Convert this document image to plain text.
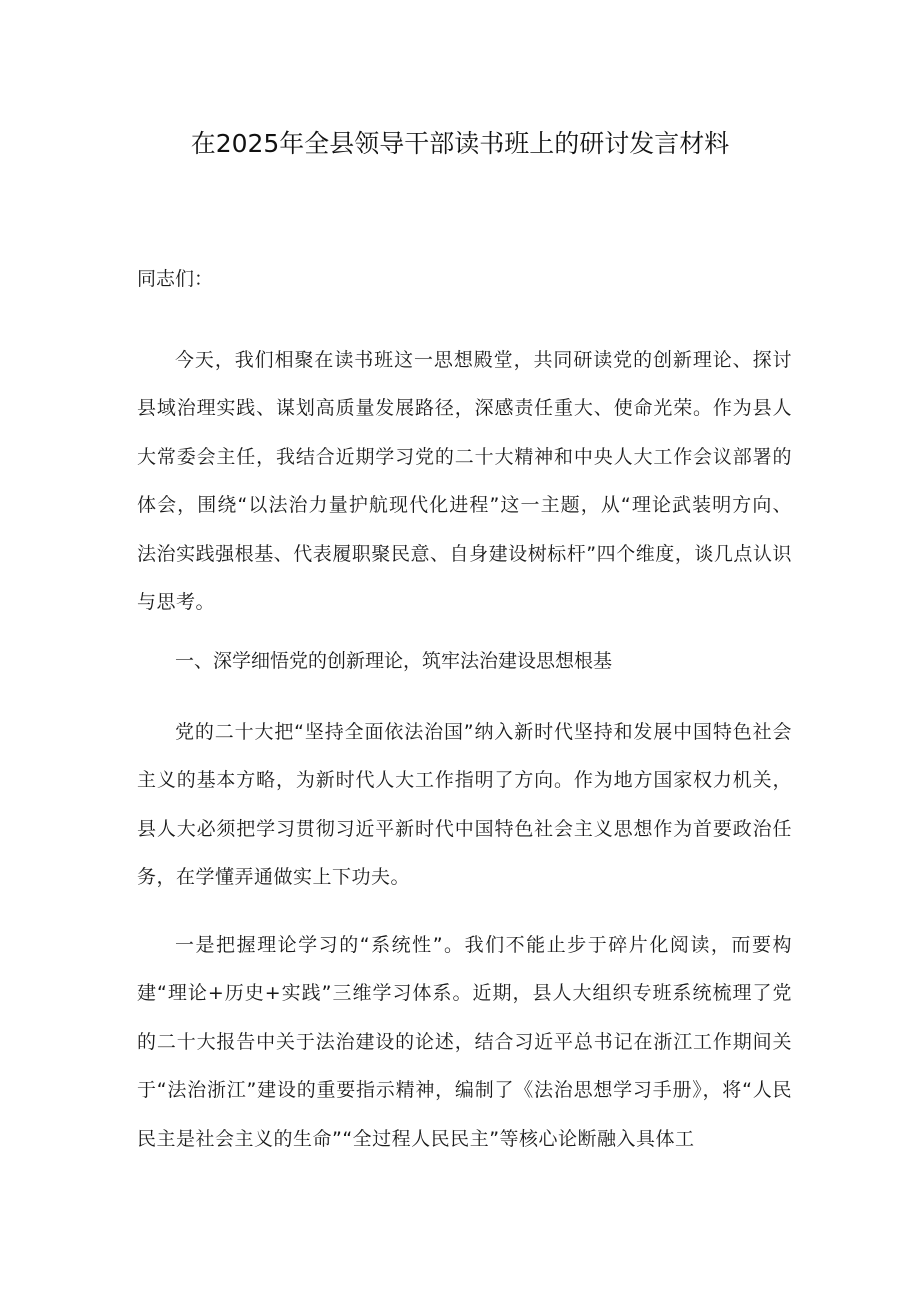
在2025年全县领导干部读书班上的研讨发言材料

同志们：

今天，我们相聚在读书班这一思想殿堂，共同研读党的创新理论、探讨县域治理实践、谋划高质量发展路径，深感责任重大、使命光荣。作为县人大常委会主任，我结合近期学习党的二十大精神和中央人大工作会议部署的体会，围绕“以法治力量护航现代化进程”这一主题，从“理论武装明方向、法治实践强根基、代表履职聚民意、自身建设树标杆”四个维度，谈几点认识与思考。

一、深学细悟党的创新理论，筑牢法治建设思想根基

党的二十大把“坚持全面依法治国”纳入新时代坚持和发展中国特色社会主义的基本方略，为新时代人大工作指明了方向。作为地方国家权力机关，县人大必须把学习贯彻习近平新时代中国特色社会主义思想作为首要政治任务，在学懂弄通做实上下功夫。

一是把握理论学习的“系统性”。我们不能止步于碎片化阅读，而要构建“理论+历史+实践”三维学习体系。近期，县人大组织专班系统梳理了党的二十大报告中关于法治建设的论述，结合习近平总书记在浙江工作期间关于“法治浙江”建设的重要指示精神，编制了《法治思想学习手册》，将“人民民主是社会主义的生命”“全过程人民民主”等核心论断融入具体工
